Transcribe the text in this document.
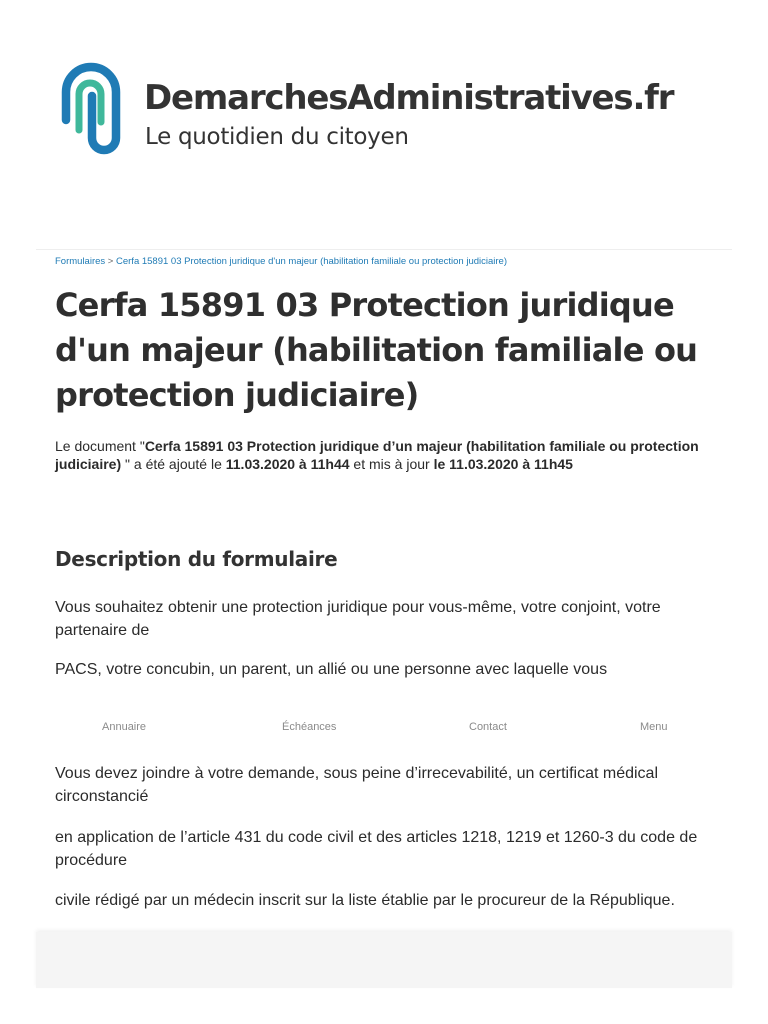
DemarchesAdministratives.fr

Le quotidien du citoyen

Formulaires > Cerfa 15891 03 Protection juridique d'un majeur (habilitation familiale ou protection judiciaire)
Cerfa 15891 03 Protection juridique d'un majeur (habilitation familiale ou protection judiciaire)

Le document "Cerfa 15891 03 Protection juridique d’un majeur (habilitation familiale ou protection judiciaire) " a été ajouté le 11.03.2020 à 11h44 et mis à jour le 11.03.2020 à 11h45

Description du formulaire

Vous souhaitez obtenir une protection juridique pour vous-même, votre conjoint, votre partenaire de

PACS, votre concubin, un parent, un allié ou une personne avec laquelle vous

Annuaire	Échéances	Contact	Menu

Vous devez joindre à votre demande, sous peine d’irrecevabilité, un certificat médical circonstancié

en application de l’article 431 du code civil et des articles 1218, 1219 et 1260-3 du code de procédure

civile rédigé par un médecin inscrit sur la liste établie par le procureur de la République.
